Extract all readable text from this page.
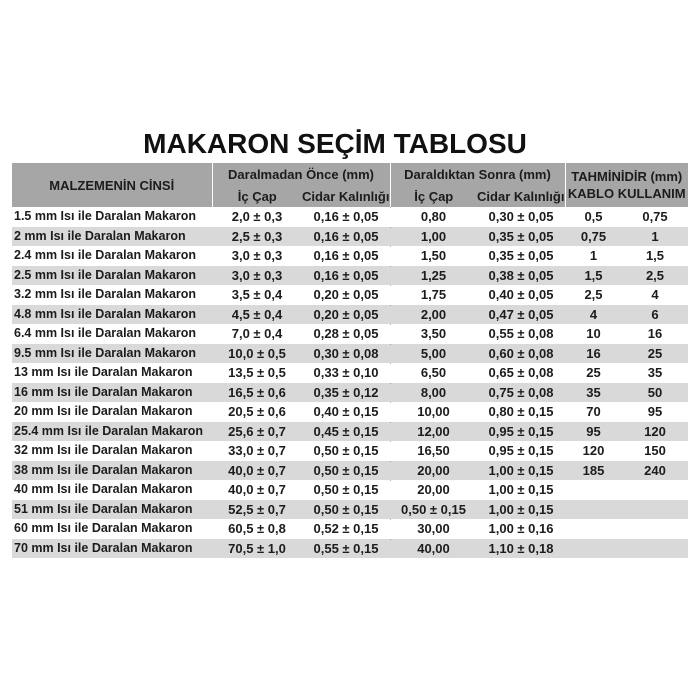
MAKARON SEÇİM TABLOSU
MALZEMENİN CİNSİ	Daralmadan Önce (mm)		Daraldıktan Sonra (mm)		TAHMİNİDİR (mm)
KABLO KULLANIM	

	İç Çap	Cidar Kalınlığı	İç Çap	Cidar Kalınlığı		
1.5 mm Isı ile Daralan Makaron	2,0 ± 0,3	0,16 ± 0,05	0,80	0,30 ± 0,05	0,5	0,75
2 mm Isı ile Daralan Makaron	2,5 ± 0,3	0,16 ± 0,05	1,00	0,35 ± 0,05	0,75	1
2.4 mm Isı ile Daralan Makaron	3,0 ± 0,3	0,16 ± 0,05	1,50	0,35 ± 0,05	1	1,5
2.5 mm Isı ile Daralan Makaron	3,0 ± 0,3	0,16 ± 0,05	1,25	0,38 ± 0,05	1,5	2,5
3.2 mm Isı ile Daralan Makaron	3,5 ± 0,4	0,20 ± 0,05	1,75	0,40 ± 0,05	2,5	4
4.8 mm Isı ile Daralan Makaron	4,5 ± 0,4	0,20 ± 0,05	2,00	0,47 ± 0,05	4	6
6.4 mm Isı ile Daralan Makaron	7,0 ± 0,4	0,28 ± 0,05	3,50	0,55 ± 0,08	10	16
9.5 mm Isı ile Daralan Makaron	10,0 ± 0,5	0,30 ± 0,08	5,00	0,60 ± 0,08	16	25
13 mm Isı ile Daralan Makaron	13,5 ± 0,5	0,33 ± 0,10	6,50	0,65 ± 0,08	25	35
16 mm Isı ile Daralan Makaron	16,5 ± 0,6	0,35 ± 0,12	8,00	0,75 ± 0,08	35	50
20 mm Isı ile Daralan Makaron	20,5 ± 0,6	0,40 ± 0,15	10,00	0,80 ± 0,15	70	95
25.4 mm Isı ile Daralan Makaron	25,6 ± 0,7	0,45 ± 0,15	12,00	0,95 ± 0,15	95	120
32 mm Isı ile Daralan Makaron	33,0 ± 0,7	0,50 ± 0,15	16,50	0,95 ± 0,15	120	150
38 mm Isı ile Daralan Makaron	40,0 ± 0,7	0,50 ± 0,15	20,00	1,00 ± 0,15	185	240
40 mm Isı ile Daralan Makaron	40,0 ± 0,7	0,50 ± 0,15	20,00	1,00 ± 0,15		
51 mm Isı ile Daralan Makaron	52,5 ± 0,7	0,50 ± 0,15	0,50 ± 0,15	1,00 ± 0,15		
60 mm Isı ile Daralan Makaron	60,5 ± 0,8	0,52 ± 0,15	30,00	1,00 ± 0,16		
70 mm Isı ile Daralan Makaron	70,5 ± 1,0	0,55 ± 0,15	40,00	1,10 ± 0,18		
